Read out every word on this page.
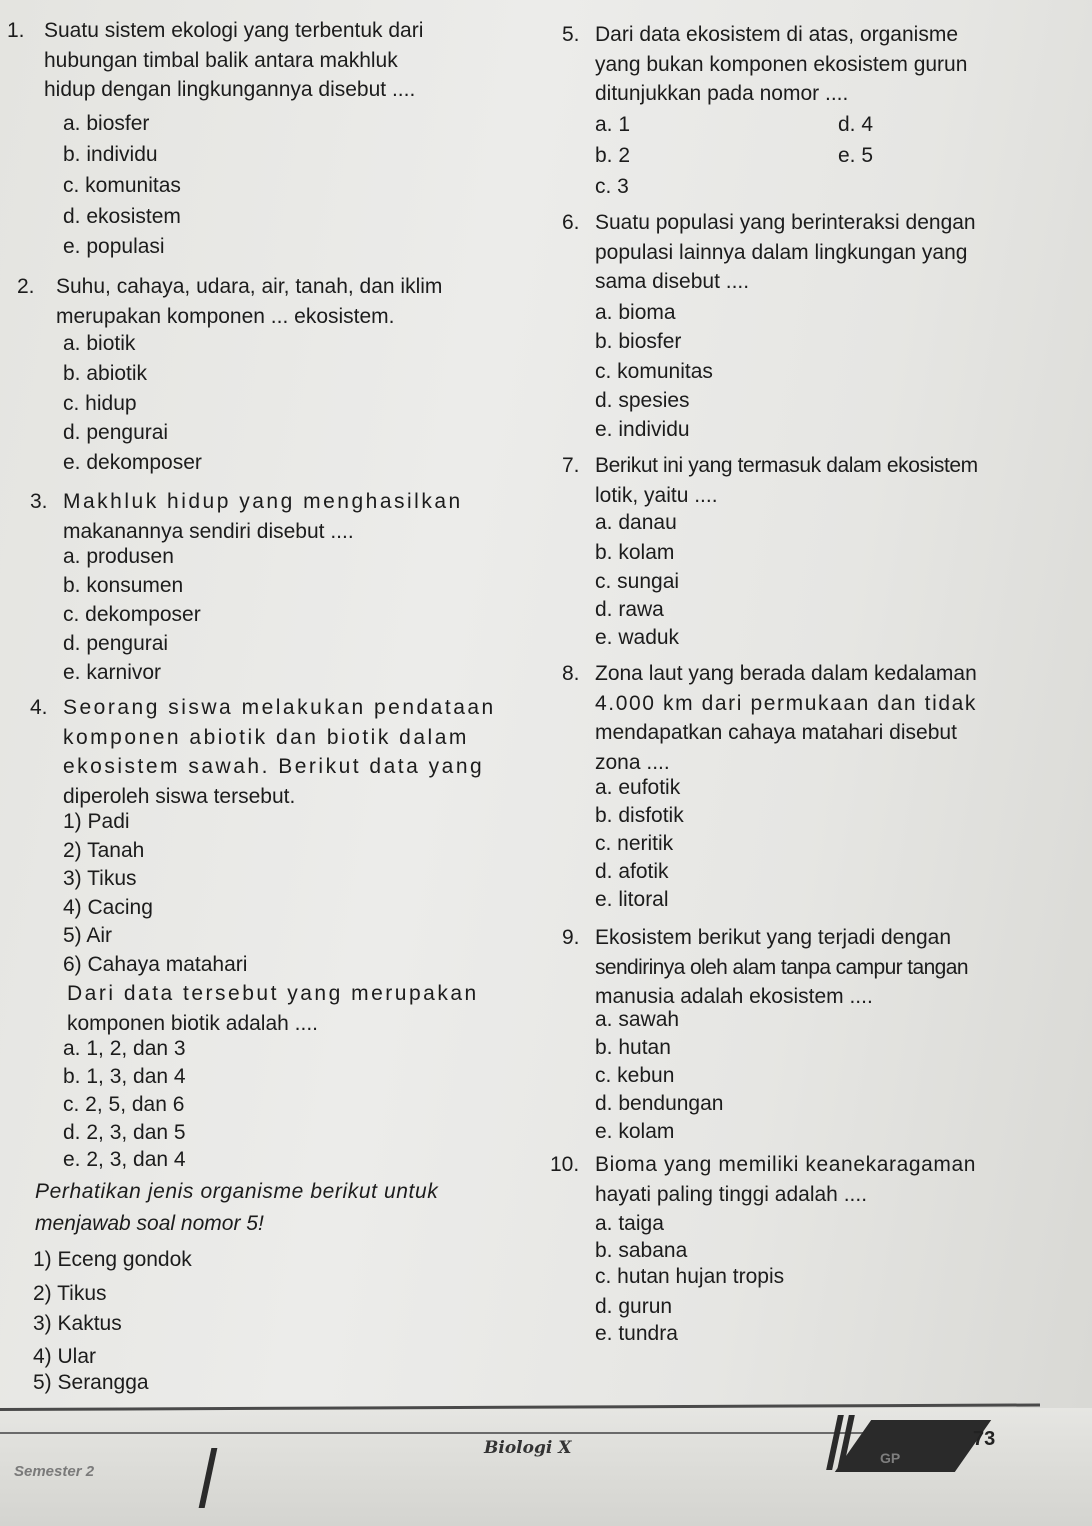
1. Suatu sistem ekologi yang terbentuk dari
hubungan timbal balik antara makhluk
hidup dengan lingkungannya disebut ....
a. biosfer
b. individu
c. komunitas
d. ekosistem
e. populasi
2. Suhu, cahaya, udara, air, tanah, dan iklim
merupakan komponen ... ekosistem.
a. biotik
b. abiotik
c. hidup
d. pengurai
e. dekomposer
3. Makhluk hidup yang menghasilkan
makanannya sendiri disebut ....
a. produsen
b. konsumen
c. dekomposer
d. pengurai
e. karnivor
4. Seorang siswa melakukan pendataan
komponen abiotik dan biotik dalam
ekosistem sawah. Berikut data yang
diperoleh siswa tersebut.
1) Padi
2) Tanah
3) Tikus
4) Cacing
5) Air
6) Cahaya matahari
Dari data tersebut yang merupakan
komponen biotik adalah ....
a. 1, 2, dan 3
b. 1, 3, dan 4
c. 2, 5, dan 6
d. 2, 3, dan 5
e. 2, 3, dan 4
Perhatikan jenis organisme berikut untuk
menjawab soal nomor 5!
1) Eceng gondok
2) Tikus
3) Kaktus
4) Ular
5) Serangga
5. Dari data ekosistem di atas, organisme
yang bukan komponen ekosistem gurun
ditunjukkan pada nomor ....
a. 1	d. 4
b. 2	e. 5
c. 3
6. Suatu populasi yang berinteraksi dengan
populasi lainnya dalam lingkungan yang
sama disebut ....
a. bioma
b. biosfer
c. komunitas
d. spesies
e. individu
7. Berikut ini yang termasuk dalam ekosistem
lotik, yaitu ....
a. danau
b. kolam
c. sungai
d. rawa
e. waduk
8. Zona laut yang berada dalam kedalaman
4.000 km dari permukaan dan tidak
mendapatkan cahaya matahari disebut
zona ....
a. eufotik
b. disfotik
c. neritik
d. afotik
e. litoral
9. Ekosistem berikut yang terjadi dengan
sendirinya oleh alam tanpa campur tangan
manusia adalah ekosistem ....
a. sawah
b. hutan
c. kebun
d. bendungan
e. kolam
10. Bioma yang memiliki keanekaragaman
hayati paling tinggi adalah ....
a. taiga
b. sabana
c. hutan hujan tropis
d. gurun
e. tundra
Biologi X
Semester 2
GP
73
